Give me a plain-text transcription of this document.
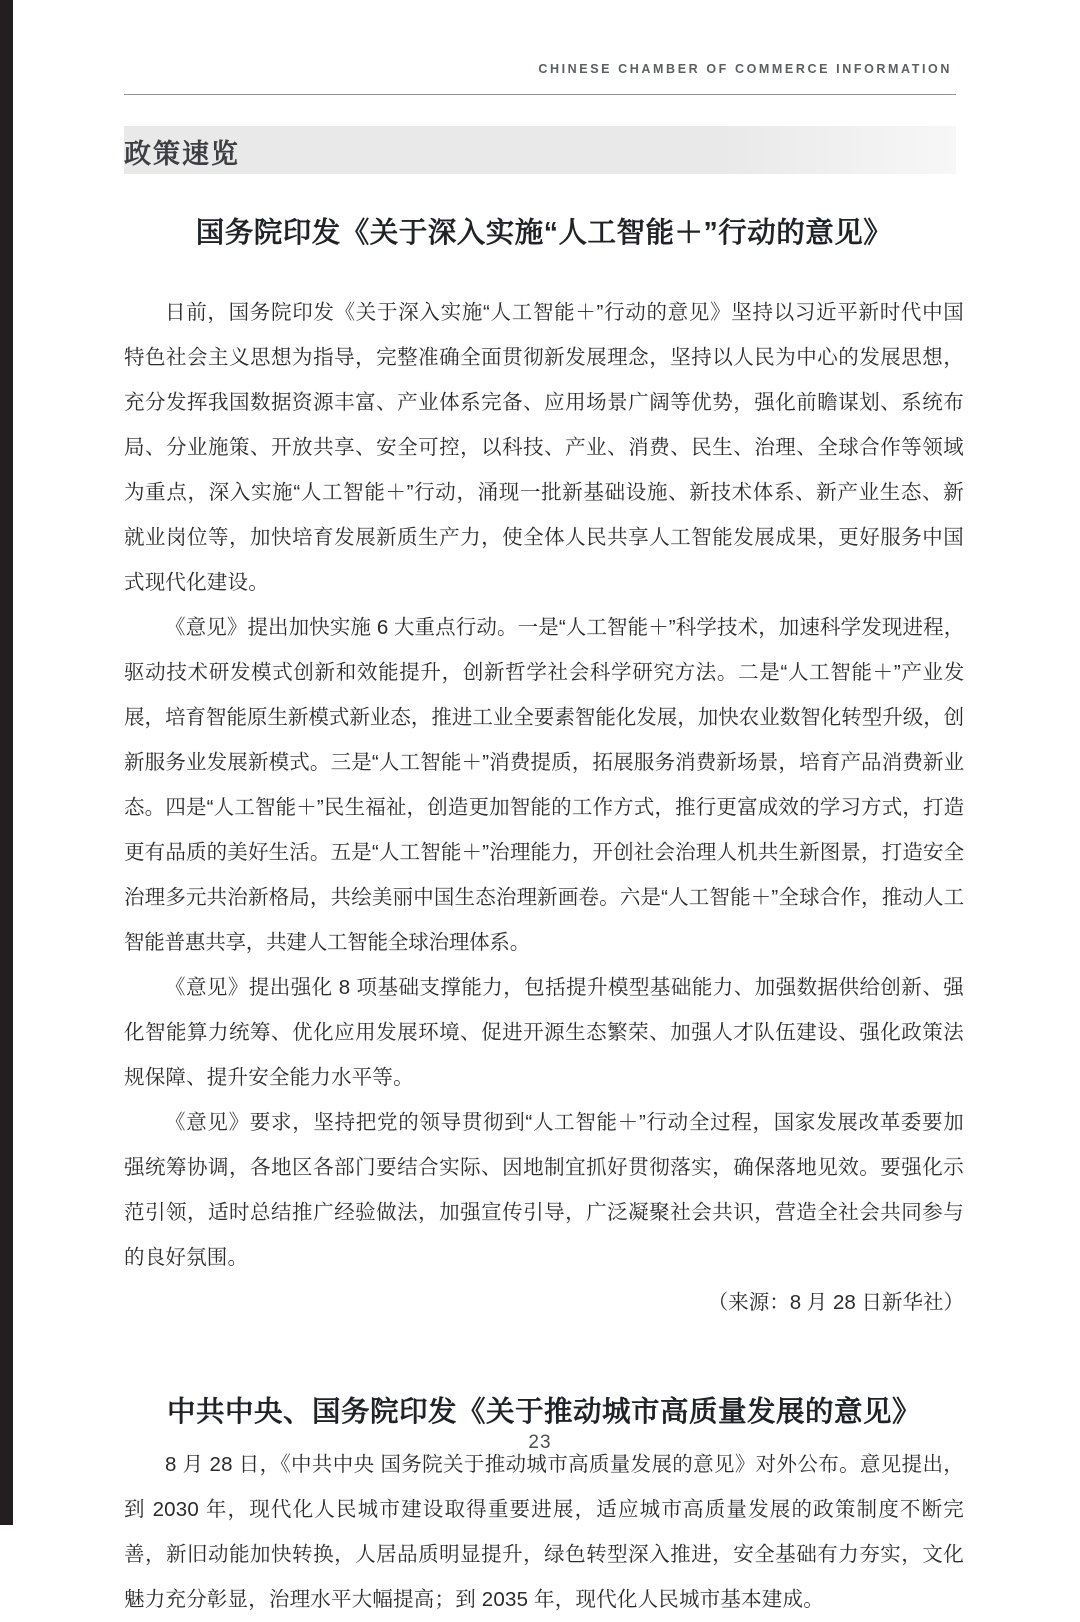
CHINESE CHAMBER OF COMMERCE INFORMATION
政策速览
国务院印发《关于深入实施“人工智能＋”行动的意见》

日前，国务院印发《关于深入实施“人工智能＋”行动的意见》坚持以习近平新时代中国特色社会主义思想为指导，完整准确全面贯彻新发展理念，坚持以人民为中心的发展思想，充分发挥我国数据资源丰富、产业体系完备、应用场景广阔等优势，强化前瞻谋划、系统布局、分业施策、开放共享、安全可控，以科技、产业、消费、民生、治理、全球合作等领域为重点，深入实施“人工智能＋”行动，涌现一批新基础设施、新技术体系、新产业生态、新就业岗位等，加快培育发展新质生产力，使全体人民共享人工智能发展成果，更好服务中国式现代化建设。

《意见》提出加快实施 6 大重点行动。一是“人工智能＋”科学技术，加速科学发现进程，驱动技术研发模式创新和效能提升，创新哲学社会科学研究方法。二是“人工智能＋”产业发展，培育智能原生新模式新业态，推进工业全要素智能化发展，加快农业数智化转型升级，创新服务业发展新模式。三是“人工智能＋”消费提质，拓展服务消费新场景，培育产品消费新业态。四是“人工智能＋”民生福祉，创造更加智能的工作方式，推行更富成效的学习方式，打造更有品质的美好生活。五是“人工智能＋”治理能力，开创社会治理人机共生新图景，打造安全治理多元共治新格局，共绘美丽中国生态治理新画卷。六是“人工智能＋”全球合作，推动人工智能普惠共享，共建人工智能全球治理体系。

《意见》提出强化 8 项基础支撑能力，包括提升模型基础能力、加强数据供给创新、强化智能算力统筹、优化应用发展环境、促进开源生态繁荣、加强人才队伍建设、强化政策法规保障、提升安全能力水平等。

《意见》要求，坚持把党的领导贯彻到“人工智能＋”行动全过程，国家发展改革委要加强统筹协调，各地区各部门要结合实际、因地制宜抓好贯彻落实，确保落地见效。要强化示范引领，适时总结推广经验做法，加强宣传引导，广泛凝聚社会共识，营造全社会共同参与的良好氛围。

（来源：8 月 28 日新华社）
中共中央、国务院印发《关于推动城市高质量发展的意见》

8 月 28 日，《中共中央 国务院关于推动城市高质量发展的意见》对外公布。意见提出，到 2030 年，现代化人民城市建设取得重要进展，适应城市高质量发展的政策制度不断完善，新旧动能加快转换，人居品质明显提升，绿色转型深入推进，安全基础有力夯实，文化魅力充分彰显，治理水平大幅提高；到 2035 年，现代化人民城市基本建成。

23
